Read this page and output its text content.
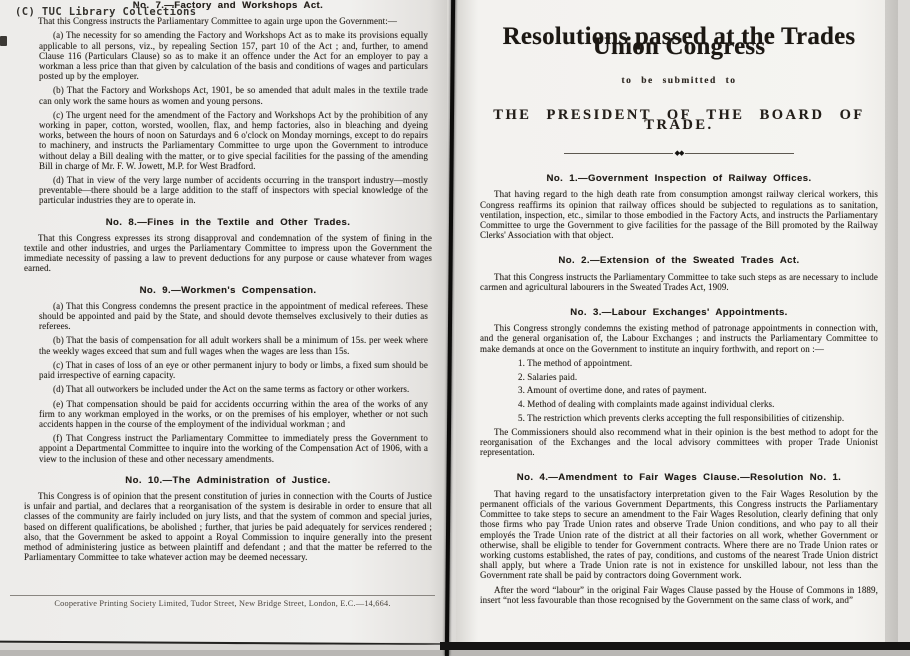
No. 7.—Factory and Workshops Act.

That this Congress instructs the Parliamentary Committee to again urge upon the Government:—

(a) The necessity for so amending the Factory and Workshops Act as to make its provisions equally applicable to all persons, viz., by repealing Section 157, part 10 of the Act ; and, further, to amend Clause 116 (Particulars Clause) so as to make it an offence under the Act for an employer to pay a workman a less price than that given by calculation of the basis and conditions of wages and particulars posted up by the employer.

(b) That the Factory and Workshops Act, 1901, be so amended that adult males in the textile trade can only work the same hours as women and young persons.

(c) The urgent need for the amendment of the Factory and Workshops Act by the prohibition of any working in paper, cotton, worsted, woollen, flax, and hemp factories, also in bleaching and dyeing works, between the hours of noon on Saturdays and 6 o'clock on Monday mornings, except to do repairs to machinery, and instructs the Parliamentary Committee to urge upon the Government to introduce without delay a Bill dealing with the matter, or to give special facilities for the passing of the amending Bill in charge of Mr. F. W. Jowett, M.P. for West Bradford.

(d) That in view of the very large number of accidents occurring in the transport industry—mostly preventable—there should be a large addition to the staff of inspectors with special knowledge of the particular industries they are to operate in.

No. 8.—Fines in the Textile and Other Trades.

That this Congress expresses its strong disapproval and condemnation of the system of fining in the textile and other industries, and urges the Parliamentary Committee to impress upon the Government the immediate necessity of passing a law to prevent deductions for any purpose or cause whatever from wages earned.

No. 9.—Workmen's Compensation.

(a) That this Congress condemns the present practice in the appointment of medical referees. These should be appointed and paid by the State, and should devote themselves exclusively to their duties as referees.

(b) That the basis of compensation for all adult workers shall be a minimum of 15s. per week where the weekly wages exceed that sum and full wages when the wages are less than 15s.

(c) That in cases of loss of an eye or other permanent injury to body or limbs, a fixed sum should be paid irrespective of earning capacity.

(d) That all outworkers be included under the Act on the same terms as factory or other workers.

(e) That compensation should be paid for accidents occurring within the area of the works of any firm to any workman employed in the works, or on the premises of his employer, whether or not such accidents happen in the course of the employment of the individual workman ; and

(f) That Congress instruct the Parliamentary Committee to immediately press the Government to appoint a Departmental Committee to inquire into the working of the Compensation Act of 1906, with a view to the inclusion of these and other necessary amendments.

No. 10.—The Administration of Justice.

This Congress is of opinion that the present constitution of juries in connection with the Courts of Justice is unfair and partial, and declares that a reorganisation of the system is desirable in order to ensure that all classes of the community are fairly included on jury lists, and that the system of common and special juries, based on different qualifications, be abolished ; further, that juries be paid adequately for services rendered ; also, that the Government be asked to appoint a Royal Commission to inquire generally into the present method of administering justice as between plaintiff and defendant ; and that the matter be referred to the Parliamentary Committee to take whatever action may be deemed necessary.

Cooperative Printing Society Limited, Tudor Street, New Bridge Street, London, E.C.—14,664.
Resolutions passed at the Trades Union Congress
to be submitted to
THE PRESIDENT OF THE BOARD OF TRADE.
◆◆
No. 1.—Government Inspection of Railway Offices.

That having regard to the high death rate from consumption amongst railway clerical workers, this Congress reaffirms its opinion that railway offices should be subjected to regulations as to sanitation, ventilation, inspection, etc., similar to those embodied in the Factory Acts, and instructs the Parliamentary Committee to urge the Government to give facilities for the passage of the Bill promoted by the Railway Clerks' Association with that object.

No. 2.—Extension of the Sweated Trades Act.

That this Congress instructs the Parliamentary Committee to take such steps as are necessary to include carmen and agricultural labourers in the Sweated Trades Act, 1909.

No. 3.—Labour Exchanges' Appointments.

This Congress strongly condemns the existing method of patronage appointments in connection with, and the general organisation of, the Labour Exchanges ; and instructs the Parliamentary Committee to make demands at once on the Government to institute an inquiry forthwith, and report on :—

1. The method of appointment.
2. Salaries paid.
3. Amount of overtime done, and rates of payment.
4. Method of dealing with complaints made against individual clerks.
5. The restriction which prevents clerks accepting the full responsibilities of citizenship.

The Commissioners should also recommend what in their opinion is the best method to adopt for the reorganisation of the Exchanges and the local advisory committees with proper Trade Unionist representation.

No. 4.—Amendment to Fair Wages Clause.—Resolution No. 1.

That having regard to the unsatisfactory interpretation given to the Fair Wages Resolution by the permanent officials of the various Government Departments, this Congress instructs the Parliamentary Committee to take steps to secure an amendment to the Fair Wages Resolution, clearly defining that only those firms who pay Trade Union rates and observe Trade Union conditions, and who pay to all their employés the Trade Union rate of the district at all their factories on all work, whether Government or otherwise, shall be eligible to tender for Government contracts. Where there are no Trade Union rates or working customs established, the rates of pay, conditions, and customs of the nearest Trade Union district shall apply, but where a Trade Union rate is not in existence for unskilled labour, not less than the Government rate shall be paid by contractors doing Government work.

After the word “labour” in the original Fair Wages Clause passed by the House of Commons in 1889, insert “not less favourable than those recognised by the Government on the same class of work, and”

(C) TUC Library Collections
